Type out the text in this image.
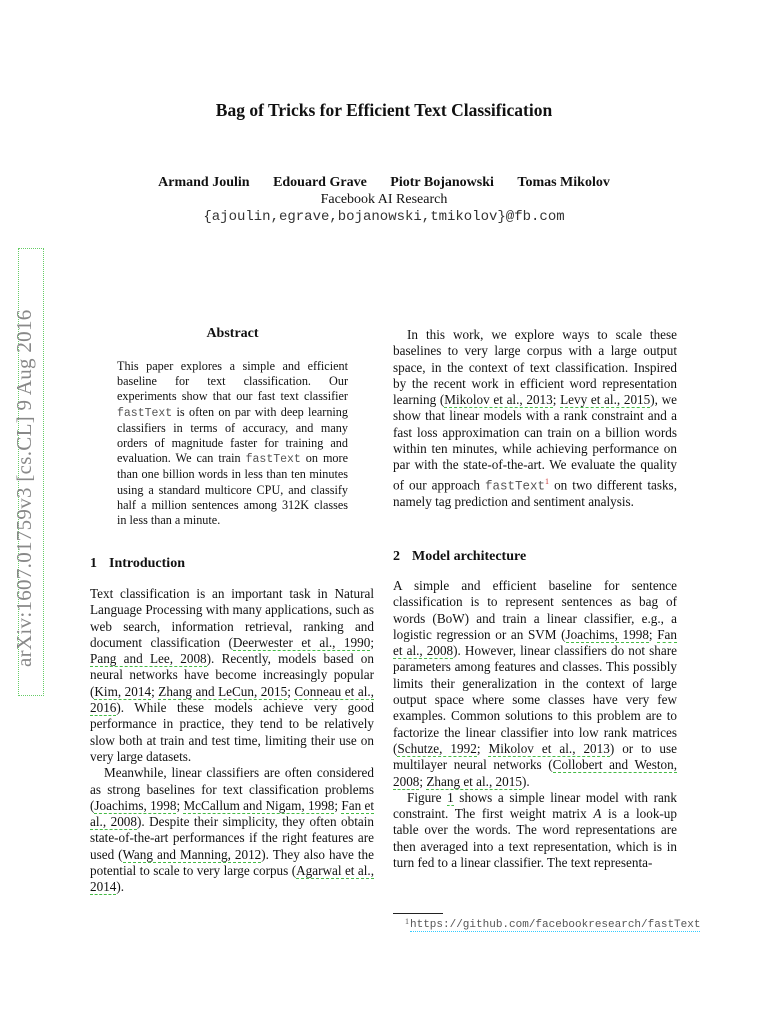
Bag of Tricks for Efficient Text Classification
Armand Joulin Edouard Grave Piotr Bojanowski Tomas Mikolov
Facebook AI Research
{ajoulin,egrave,bojanowski,tmikolov}@fb.com
arXiv:1607.01759v3 [cs.CL] 9 Aug 2016	Abstract
This paper explores a simple and efficient baseline for text classification. Our experiments show that our fast text classifier fastText is often on par with deep learning classifiers in terms of accuracy, and many orders of magnitude faster for training and evaluation. We can train fastText on more than one billion words in less than ten minutes using a standard multicore CPU, and classify half a million sentences among 312K classes in less than a minute.
1 Introduction

Text classification is an important task in Natural Language Processing with many applications, such as web search, information retrieval, ranking and document classification (Deerwester et al., 1990; Pang and Lee, 2008). Recently, models based on neural networks have become increasingly popular (Kim, 2014; Zhang and LeCun, 2015; Conneau et al., 2016). While these models achieve very good performance in practice, they tend to be relatively slow both at train and test time, limiting their use on very large datasets.

Meanwhile, linear classifiers are often considered as strong baselines for text classification problems (Joachims, 1998; McCallum and Nigam, 1998; Fan et al., 2008). Despite their simplicity, they often obtain state-of-the-art performances if the right features are used (Wang and Manning, 2012). They also have the potential to scale to very large corpus (Agarwal et al., 2014).

In this work, we explore ways to scale these baselines to very large corpus with a large output space, in the context of text classification. Inspired by the recent work in efficient word representation learning (Mikolov et al., 2013; Levy et al., 2015), we show that linear models with a rank constraint and a fast loss approximation can train on a billion words within ten minutes, while achieving performance on par with the state-of-the-art. We evaluate the quality of our approach fastText$^1$ on two different tasks, namely tag prediction and sentiment analysis.

2 Model architecture

A simple and efficient baseline for sentence classification is to represent sentences as bag of words (BoW) and train a linear classifier, e.g., a logistic regression or an SVM (Joachims, 1998; Fan et al., 2008). However, linear classifiers do not share parameters among features and classes. This possibly limits their generalization in the context of large output space where some classes have very few examples. Common solutions to this problem are to factorize the linear classifier into low rank matrices (Schutze, 1992; Mikolov et al., 2013) or to use multilayer neural networks (Collobert and Weston, 2008; Zhang et al., 2015).

Figure 1 shows a simple linear model with rank constraint. The first weight matrix A is a look-up table over the words. The word representations are then averaged into a text representation, which is in turn fed to a linear classifier. The text representa-

1 https://github.com/facebookresearch/fastText
